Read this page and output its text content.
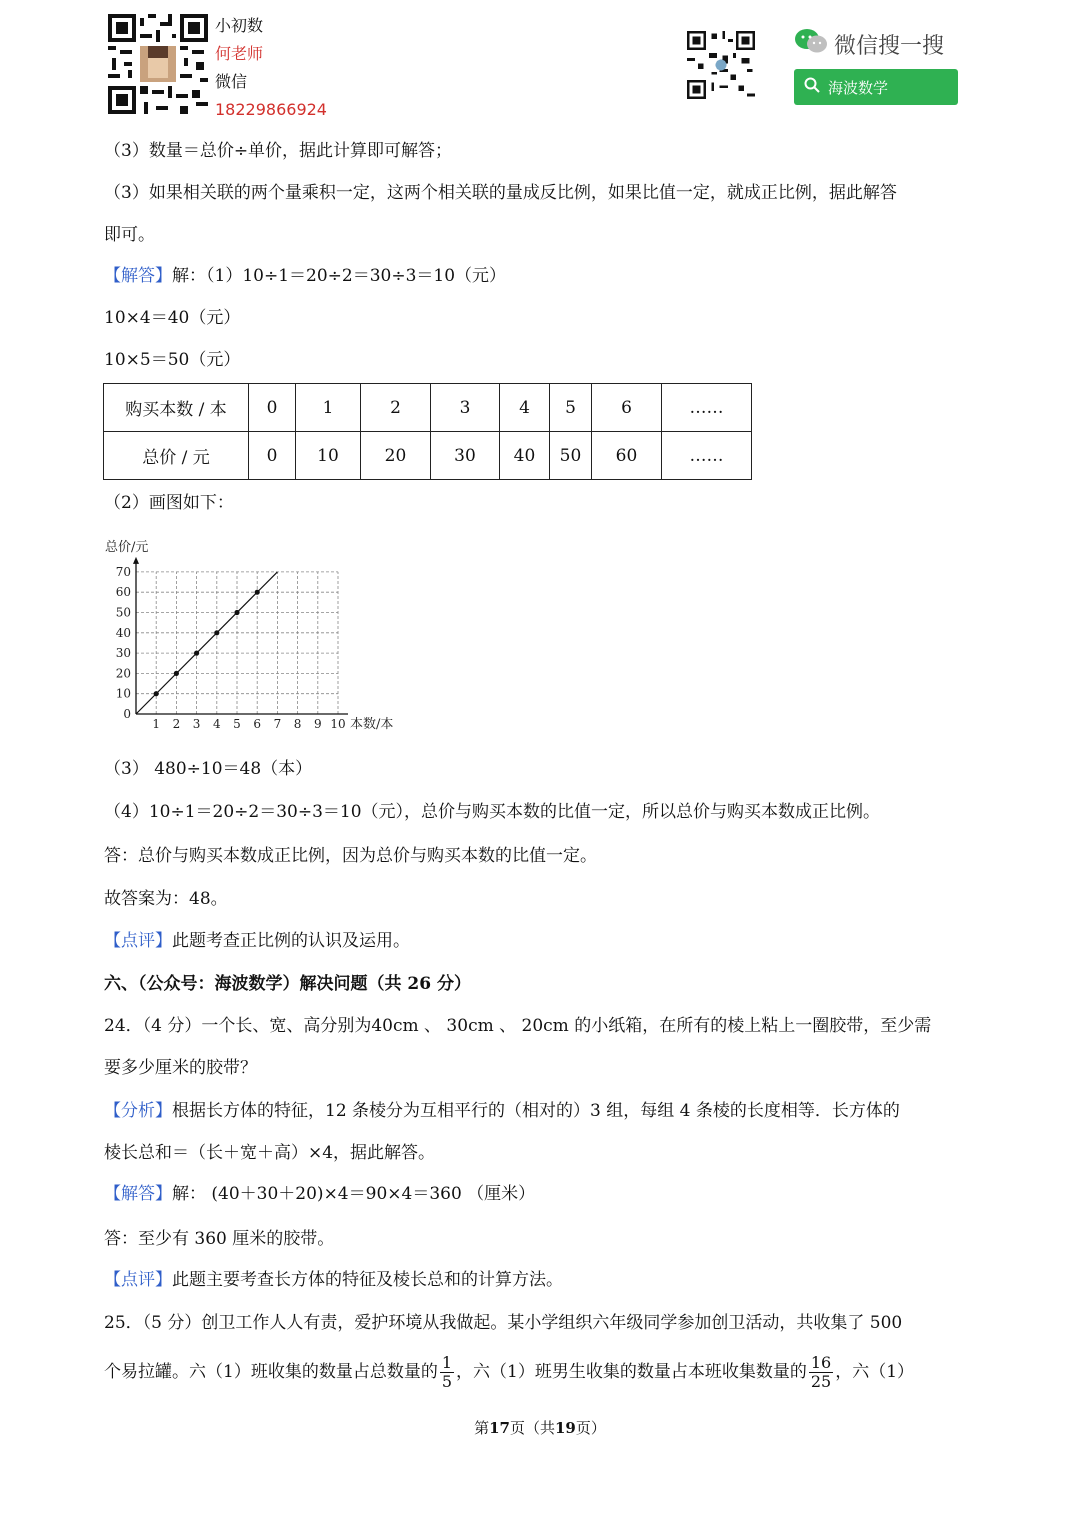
小初数
何老师
微信
18229866924
微信搜一搜
海波数学
（3）数量＝总价÷单价，据此计算即可解答；
（3）如果相关联的两个量乘积一定，这两个相关联的量成反比例，如果比值一定，就成正比例，据此解答
即可。
【解答】解：（1）10÷1＝20÷2＝30÷3＝10（元）
10×4＝40（元）
10×5＝50（元）
购买本数 / 本	0	1	2	3	4	5	6	……
总价 / 元	0	10	20	30	40	50	60	……
（2）画图如下：
总价/元
本数/本
1 2 3 4 5 6 7 8 9 10
0
10
20
30
40
50
60
70
（3） 480÷10＝48（本）
（4）10÷1＝20÷2＝30÷3＝10（元），总价与购买本数的比值一定，所以总价与购买本数成正比例。
答：总价与购买本数成正比例，因为总价与购买本数的比值一定。
故答案为：48。
【点评】此题考查正比例的认识及运用。
六、（公众号：海波数学）解决问题（共 26 分）
24．（4 分）一个长、宽、高分别为40cm 、 30cm 、 20cm 的小纸箱，在所有的棱上粘上一圈胶带，至少需
要多少厘米的胶带？
【分析】根据长方体的特征，12 条棱分为互相平行的（相对的）3 组，每组 4 条棱的长度相等．长方体的
棱长总和＝（长＋宽＋高）×4，据此解答。
【解答】解： (40＋30＋20)×4＝90×4＝360 （厘米）
答：至少有 360 厘米的胶带。
【点评】此题主要考查长方体的特征及棱长总和的计算方法。
25．（5 分）创卫工作人人有责，爱护环境从我做起。某小学组织六年级同学参加创卫活动，共收集了 500
个易拉罐。六（1）班收集的数量占总数量的 $\frac{1}{5}$ ，六（1）班男生收集的数量占本班收集数量的 $\frac{16}{25}$ ，六（1）
第17页（共19页）
